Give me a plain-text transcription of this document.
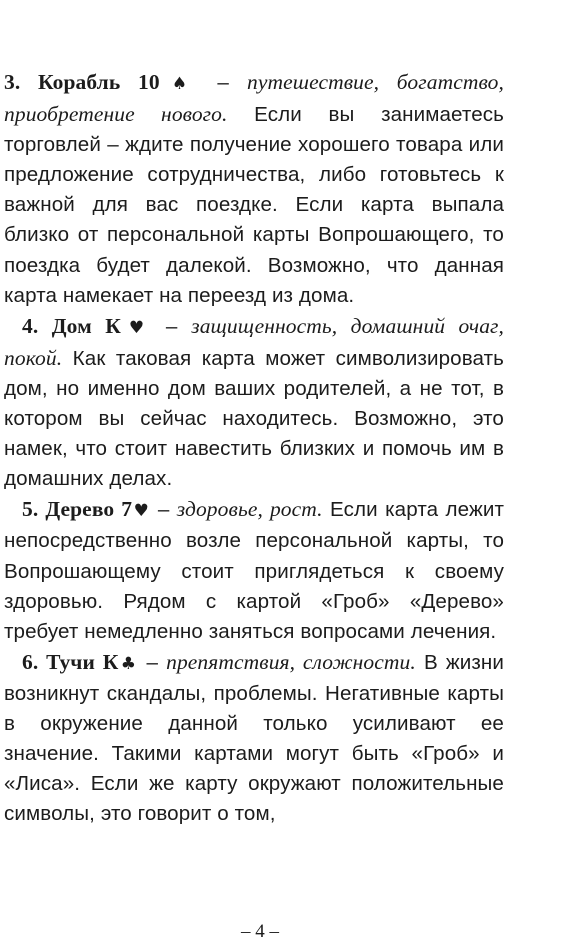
3. Корабль 10♠ – путешествие, богатство, приобретение нового. Если вы занимаетесь торговлей – ждите получение хорошего товара или предложение сотрудничества, либо готовьтесь к важной для вас поездке. Если карта выпала близко от персональной карты Вопрошающего, то поездка будет далекой. Возможно, что данная карта намекает на переезд из дома.

4. Дом К♥ – защищенность, домашний очаг, покой. Как таковая карта может символизировать дом, но именно дом ваших родителей, а не тот, в котором вы сейчас находитесь. Возможно, это намек, что стоит навестить близких и помочь им в домашних делах.

5. Дерево 7♥ – здоровье, рост. Если карта лежит непосредственно возле персональной карты, то Вопрошающему стоит приглядеться к своему здоровью. Рядом с картой «Гроб» «Дерево» требует немедленно заняться вопросами лечения.

6. Тучи К♣ – препятствия, сложности. В жизни возникнут скандалы, проблемы. Негативные карты в окружение данной только усиливают ее значение. Такими картами могут быть «Гроб» и «Лиса». Если же карту окружают положительные символы, это говорит о том,

– 4 –
